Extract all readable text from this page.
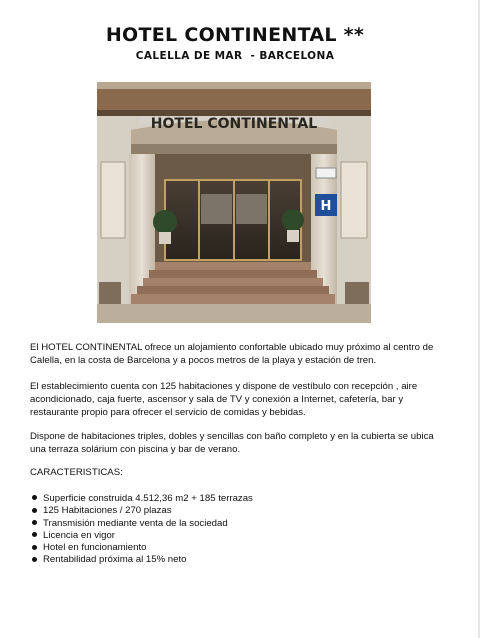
HOTEL CONTINENTAL **
CALELLA DE MAR  - BARCELONA
HOTEL CONTINENTAL
H

El HOTEL CONTINENTAL ofrece un alojamiento confortable ubicado muy próximo al centro de Calella, en la costa de Barcelona y a pocos metros de la playa y estación de tren.

El establecimiento cuenta con 125 habitaciones y dispone de vestíbulo con recepción , aire acondicionado, caja fuerte, ascensor y sala de TV y conexión a Internet, cafetería, bar y restaurante propio para ofrecer el servicio de comidas y bebidas.

Dispone de habitaciones triples, dobles y sencillas con baño completo y en la cubierta se ubica una terraza solárium con piscina y bar de verano.

CARACTERISTICAS:
Superficie construida 4.512,36 m2 + 185 terrazas
125 Habitaciones / 270 plazas
Transmisión mediante venta de la sociedad
Licencia en vigor
Hotel en funcionamiento
Rentabilidad próxima al 15% neto
